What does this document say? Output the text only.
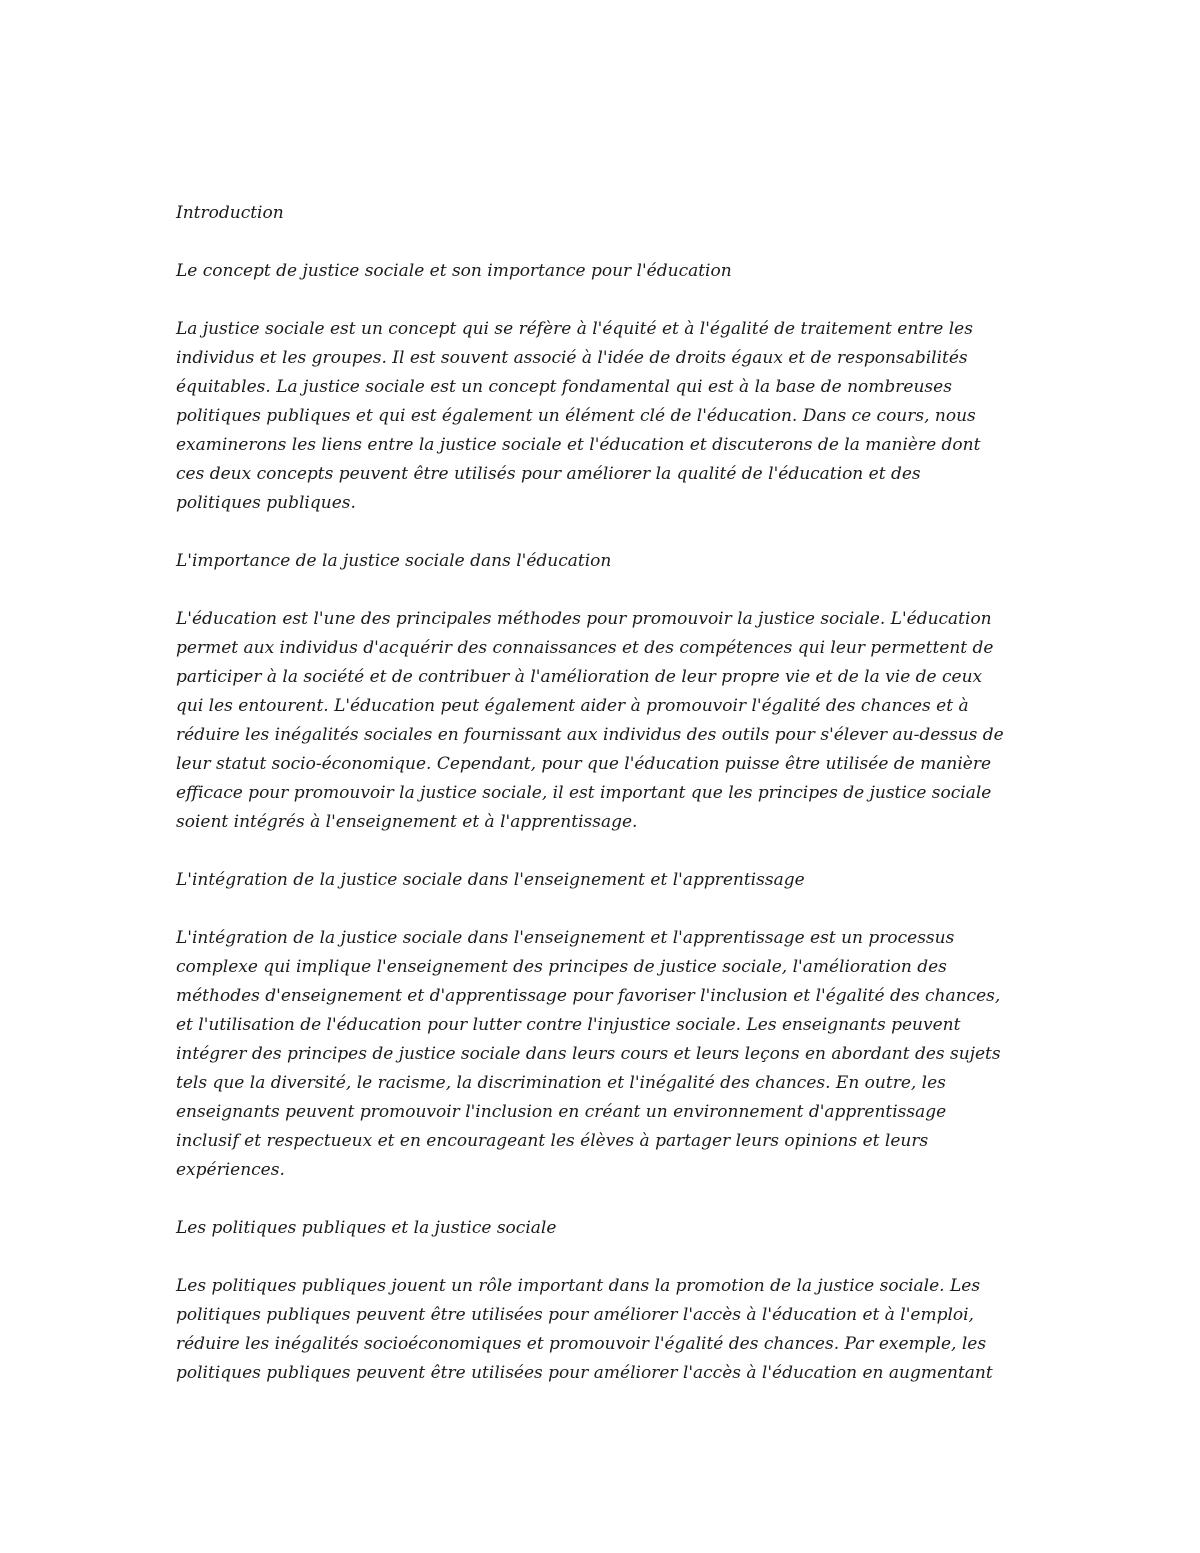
Introduction

Le concept de justice sociale et son importance pour l'éducation

La justice sociale est un concept qui se réfère à l'équité et à l'égalité de traitement entre les
individus et les groupes. Il est souvent associé à l'idée de droits égaux et de responsabilités
équitables. La justice sociale est un concept fondamental qui est à la base de nombreuses
politiques publiques et qui est également un élément clé de l'éducation. Dans ce cours, nous
examinerons les liens entre la justice sociale et l'éducation et discuterons de la manière dont
ces deux concepts peuvent être utilisés pour améliorer la qualité de l'éducation et des
politiques publiques.

L'importance de la justice sociale dans l'éducation

L'éducation est l'une des principales méthodes pour promouvoir la justice sociale. L'éducation
permet aux individus d'acquérir des connaissances et des compétences qui leur permettent de
participer à la société et de contribuer à l'amélioration de leur propre vie et de la vie de ceux
qui les entourent. L'éducation peut également aider à promouvoir l'égalité des chances et à
réduire les inégalités sociales en fournissant aux individus des outils pour s'élever au-dessus de
leur statut socio-économique. Cependant, pour que l'éducation puisse être utilisée de manière
efficace pour promouvoir la justice sociale, il est important que les principes de justice sociale
soient intégrés à l'enseignement et à l'apprentissage.

L'intégration de la justice sociale dans l'enseignement et l'apprentissage

L'intégration de la justice sociale dans l'enseignement et l'apprentissage est un processus
complexe qui implique l'enseignement des principes de justice sociale, l'amélioration des
méthodes d'enseignement et d'apprentissage pour favoriser l'inclusion et l'égalité des chances,
et l'utilisation de l'éducation pour lutter contre l'injustice sociale. Les enseignants peuvent
intégrer des principes de justice sociale dans leurs cours et leurs leçons en abordant des sujets
tels que la diversité, le racisme, la discrimination et l'inégalité des chances. En outre, les
enseignants peuvent promouvoir l'inclusion en créant un environnement d'apprentissage
inclusif et respectueux et en encourageant les élèves à partager leurs opinions et leurs
expériences.

Les politiques publiques et la justice sociale

Les politiques publiques jouent un rôle important dans la promotion de la justice sociale. Les
politiques publiques peuvent être utilisées pour améliorer l'accès à l'éducation et à l'emploi,
réduire les inégalités socioéconomiques et promouvoir l'égalité des chances. Par exemple, les
politiques publiques peuvent être utilisées pour améliorer l'accès à l'éducation en augmentant
